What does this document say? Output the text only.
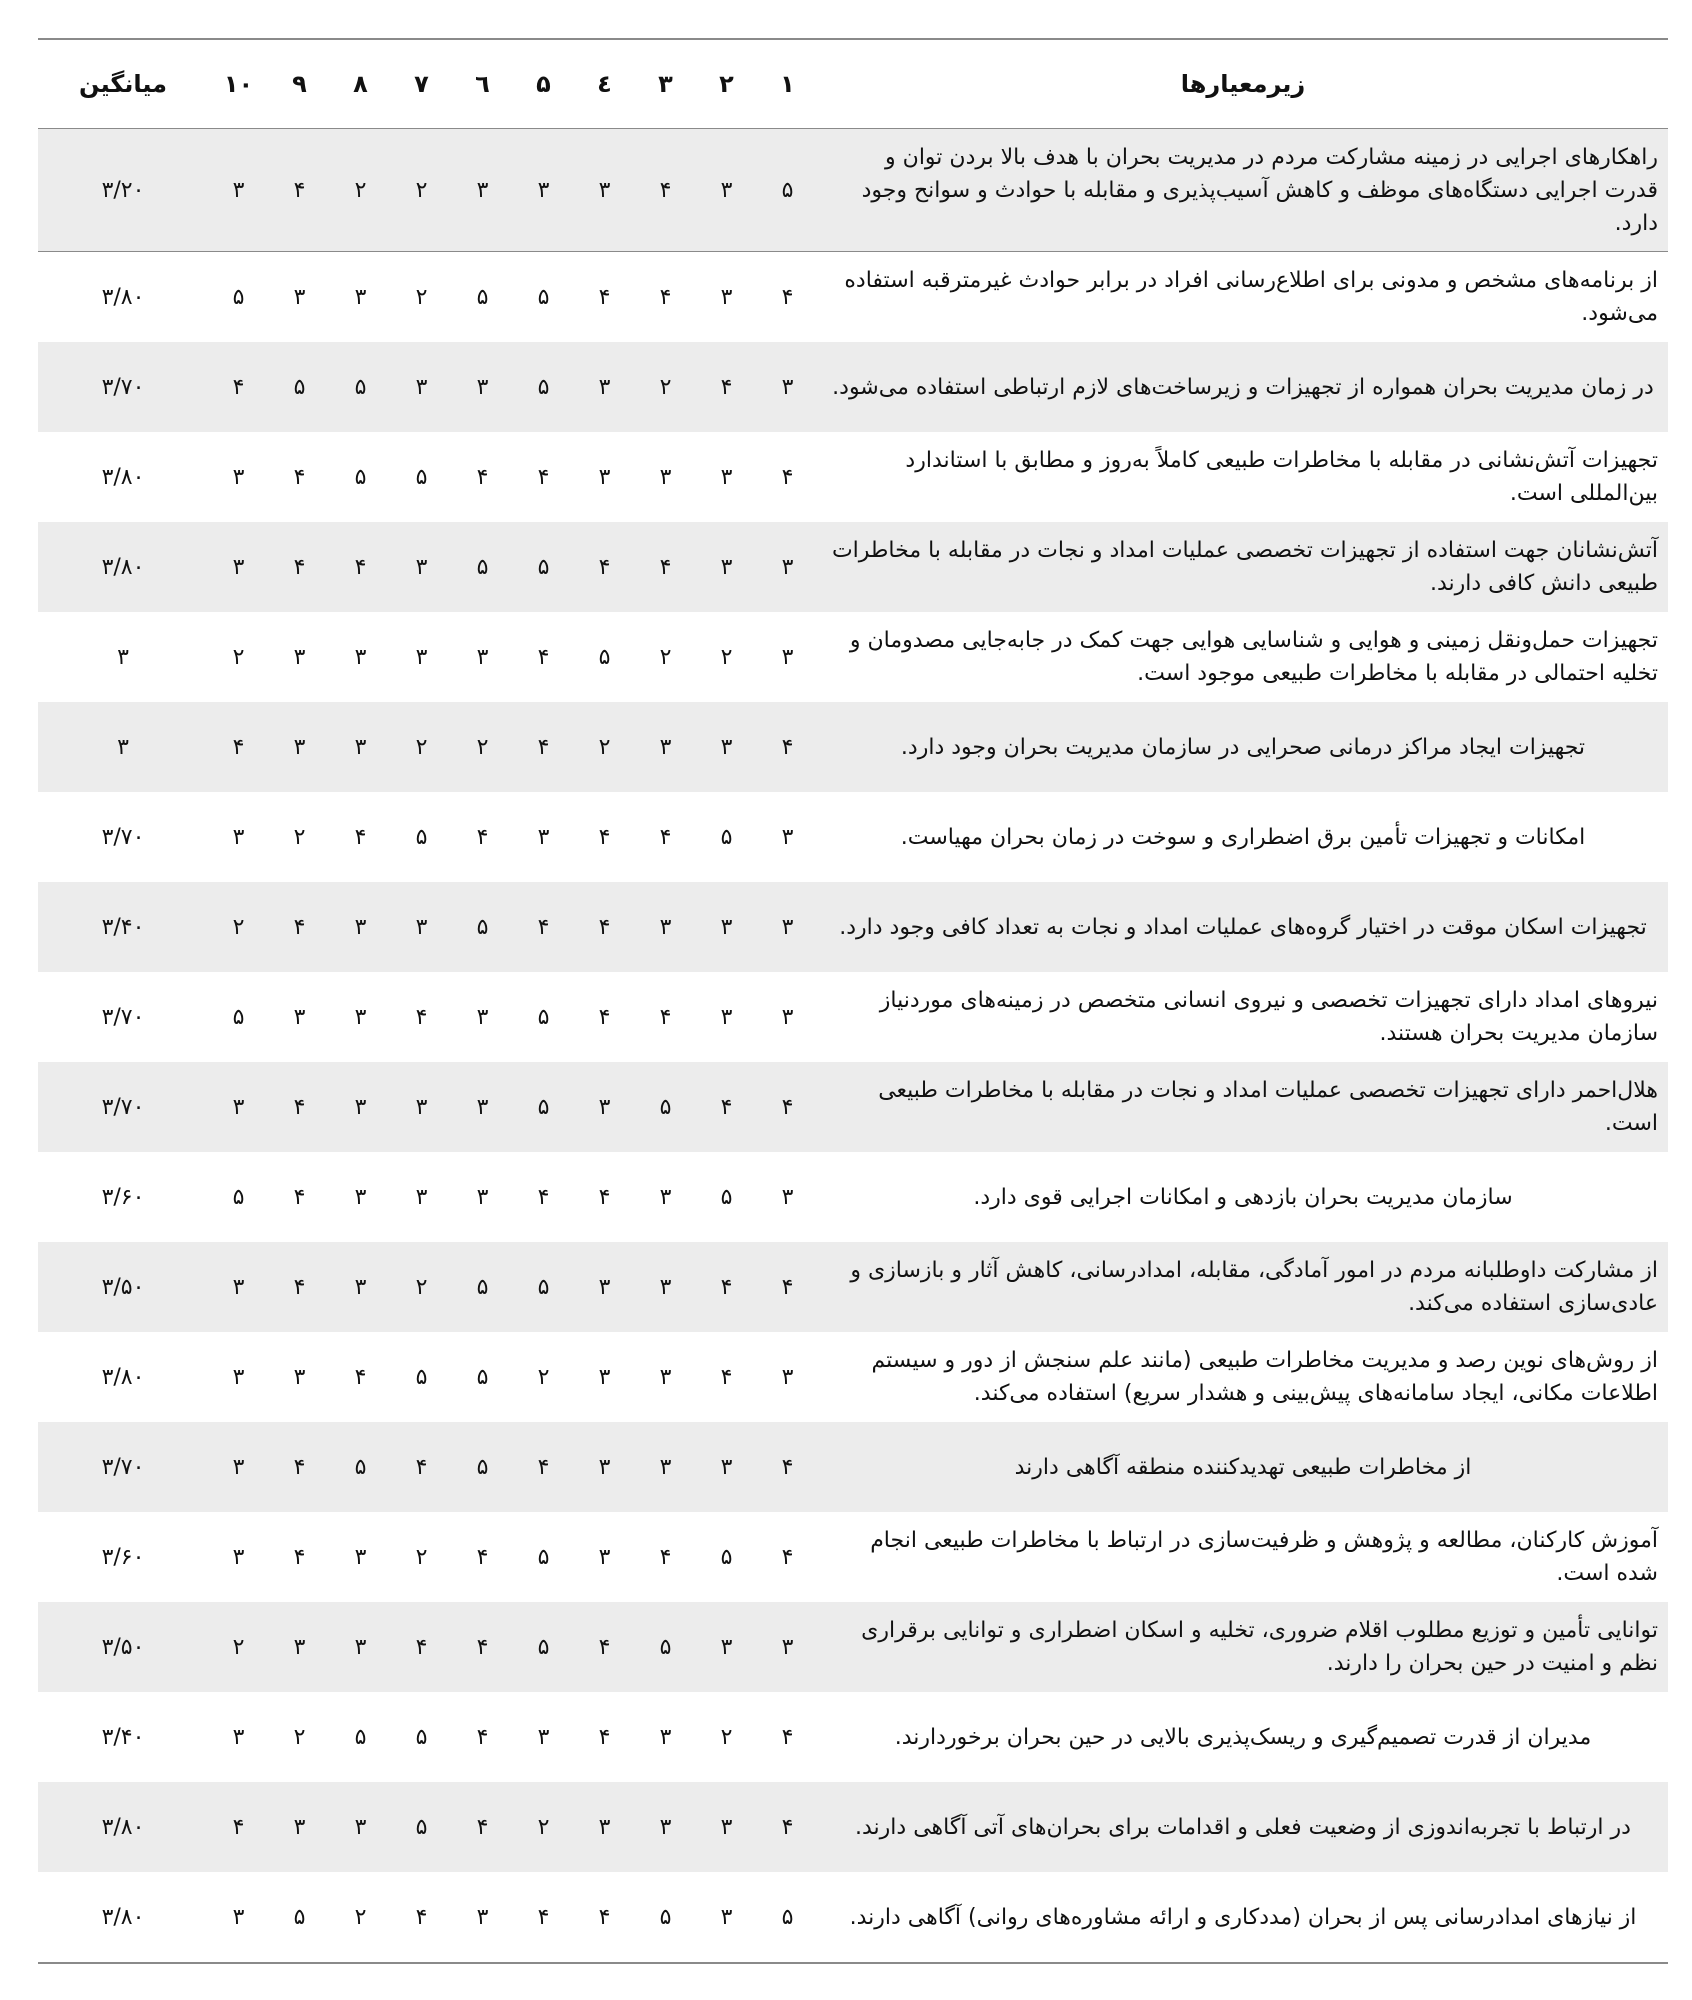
زیرمعیارها	۱	۲	۳	٤	۵	٦	۷	۸	۹	۱۰	میانگین
راهکارهای اجرایی در زمینه مشارکت مردم در مدیریت بحران با هدف بالا بردن توان و قدرت اجرایی دستگاه‌های موظف و کاهش آسیب‌پذیری و مقابله با حوادث و سوانح وجود دارد.	۵	۳	۴	۳	۳	۳	۲	۲	۴	۳	۳/۲۰
از برنامه‌های مشخص و مدونی برای اطلاع‌رسانی افراد در برابر حوادث غیرمترقبه استفاده می‌شود.	۴	۳	۴	۴	۵	۵	۲	۳	۳	۵	۳/۸۰
در زمان مدیریت بحران همواره از تجهیزات و زیرساخت‌های لازم ارتباطی استفاده می‌شود.	۳	۴	۲	۳	۵	۳	۳	۵	۵	۴	۳/۷۰
تجهیزات آتش‌نشانی در مقابله با مخاطرات طبیعی کاملاً به‌روز و مطابق با استاندارد بین‌المللی است.	۴	۳	۳	۳	۴	۴	۵	۵	۴	۳	۳/۸۰
آتش‌نشانان جهت استفاده از تجهیزات تخصصی عملیات امداد و نجات در مقابله با مخاطرات طبیعی دانش کافی دارند.	۳	۳	۴	۴	۵	۵	۳	۴	۴	۳	۳/۸۰
تجهیزات حمل‌ونقل زمینی و هوایی و شناسایی هوایی جهت کمک در جابه‌جایی مصدومان و تخلیه احتمالی در مقابله با مخاطرات طبیعی موجود است.	۳	۲	۲	۵	۴	۳	۳	۳	۳	۲	۳
تجهیزات ایجاد مراکز درمانی صحرایی در سازمان مدیریت بحران وجود دارد.	۴	۳	۳	۲	۴	۲	۲	۳	۳	۴	۳
امکانات و تجهیزات تأمین برق اضطراری و سوخت در زمان بحران مهیاست.	۳	۵	۴	۴	۳	۴	۵	۴	۲	۳	۳/۷۰
تجهیزات اسکان موقت در اختیار گروه‌های عملیات امداد و نجات به تعداد کافی وجود دارد.	۳	۳	۳	۴	۴	۵	۳	۳	۴	۲	۳/۴۰
نیروهای امداد دارای تجهیزات تخصصی و نیروی انسانی متخصص در زمینه‌های موردنیاز سازمان مدیریت بحران هستند.	۳	۳	۴	۴	۵	۳	۴	۳	۳	۵	۳/۷۰
هلال‌احمر دارای تجهیزات تخصصی عملیات امداد و نجات در مقابله با مخاطرات طبیعی است.	۴	۴	۵	۳	۵	۳	۳	۳	۴	۳	۳/۷۰
سازمان مدیریت بحران بازدهی و امکانات اجرایی قوی دارد.	۳	۵	۳	۴	۴	۳	۳	۳	۴	۵	۳/۶۰
از مشارکت داوطلبانه مردم در امور آمادگی، مقابله، امدادرسانی، کاهش آثار و بازسازی و عادی‌سازی استفاده می‌کند.	۴	۴	۳	۳	۵	۵	۲	۳	۴	۳	۳/۵۰
از روش‌های نوین رصد و مدیریت مخاطرات طبیعی (مانند علم سنجش از دور و سیستم اطلاعات مکانی، ایجاد سامانه‌های پیش‌بینی و هشدار سریع) استفاده می‌کند.	۳	۴	۳	۳	۲	۵	۵	۴	۳	۳	۳/۸۰
از مخاطرات طبیعی تهدیدکننده منطقه آگاهی دارند	۴	۳	۳	۳	۴	۵	۴	۵	۴	۳	۳/۷۰
آموزش کارکنان، مطالعه و پژوهش و ظرفیت‌سازی در ارتباط با مخاطرات طبیعی انجام شده است.	۴	۵	۴	۳	۵	۴	۲	۳	۴	۳	۳/۶۰
توانایی تأمین و توزیع مطلوب اقلام ضروری، تخلیه و اسکان اضطراری و توانایی برقراری نظم و امنیت در حین بحران را دارند.	۳	۳	۵	۴	۵	۴	۴	۳	۳	۲	۳/۵۰
مدیران از قدرت تصمیم‌گیری و ریسک‌پذیری بالایی در حین بحران برخوردارند.	۴	۲	۳	۴	۳	۴	۵	۵	۲	۳	۳/۴۰
در ارتباط با تجربه‌اندوزی از وضعیت فعلی و اقدامات برای بحران‌های آتی آگاهی دارند.	۴	۳	۳	۳	۲	۴	۵	۳	۳	۴	۳/۸۰
از نیازهای امدادرسانی پس از بحران (مددکاری و ارائه مشاوره‌های روانی) آگاهی دارند.	۵	۳	۵	۴	۴	۳	۴	۲	۵	۳	۳/۸۰
